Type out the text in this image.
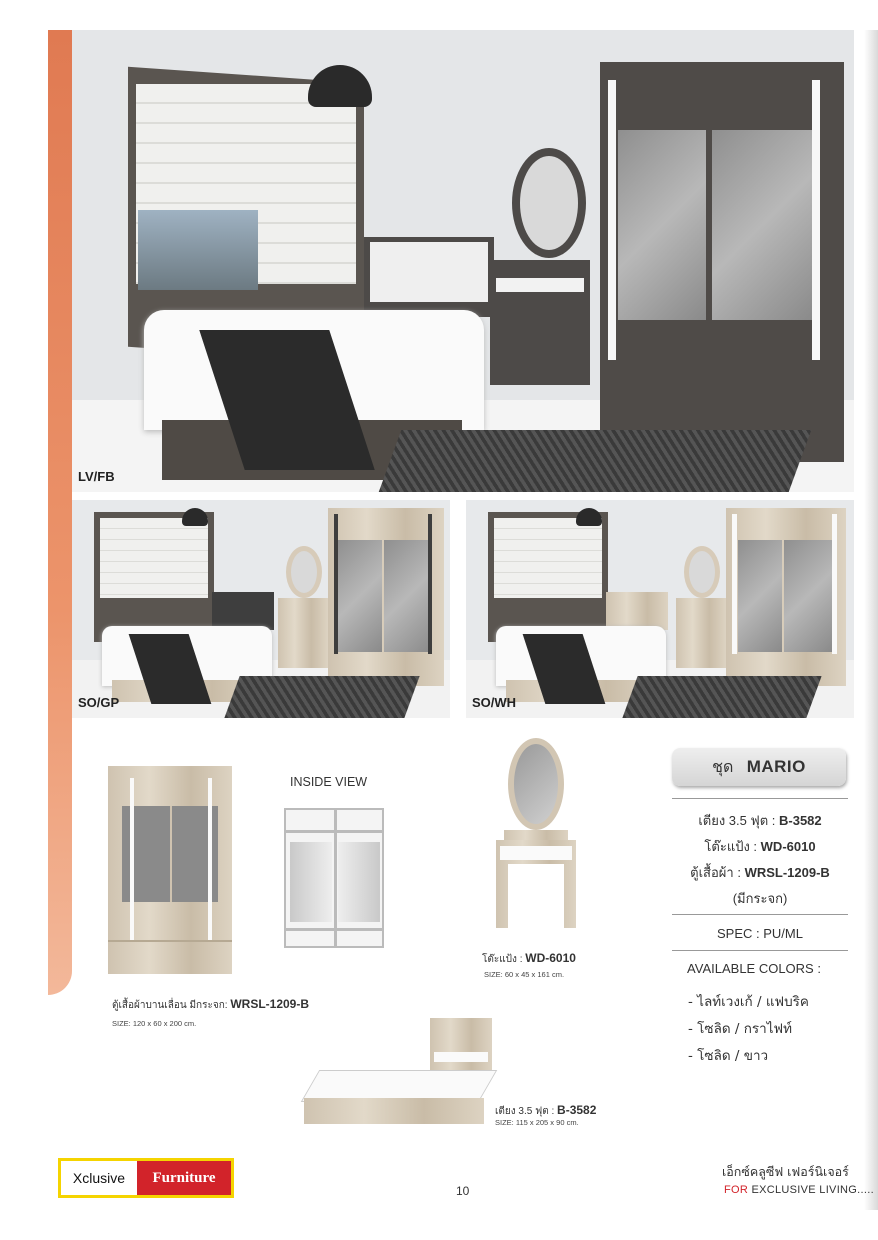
LV/FB
SO/GP	SO/WH
INSIDE VIEW
ตู้เสื้อผ้าบานเลื่อน มีกระจก: WRSL-1209-B
SIZE: 120 x 60 x 200 cm.
โต๊ะแป้ง : WD-6010
SIZE: 60 x 45 x 161 cm.
เตียง 3.5 ฟุต : B-3582
SIZE: 115 x 205 x 90 cm.
ชุด MARIO
เตียง 3.5 ฟุต : B-3582
โต๊ะแป้ง : WD-6010
ตู้เสื้อผ้า : WRSL-1209-B
(มีกระจก)
SPEC : PU/ML
AVAILABLE COLORS :
- ไลท์เวงเก้ / แฟบริค
- โซลิด / กราไฟท์
- โซลิด / ขาว
Xclusive	Furniture
10
เอ็กซ์คลูซีฟ เฟอร์นิเจอร์
FOR EXCLUSIVE LIVING.....
